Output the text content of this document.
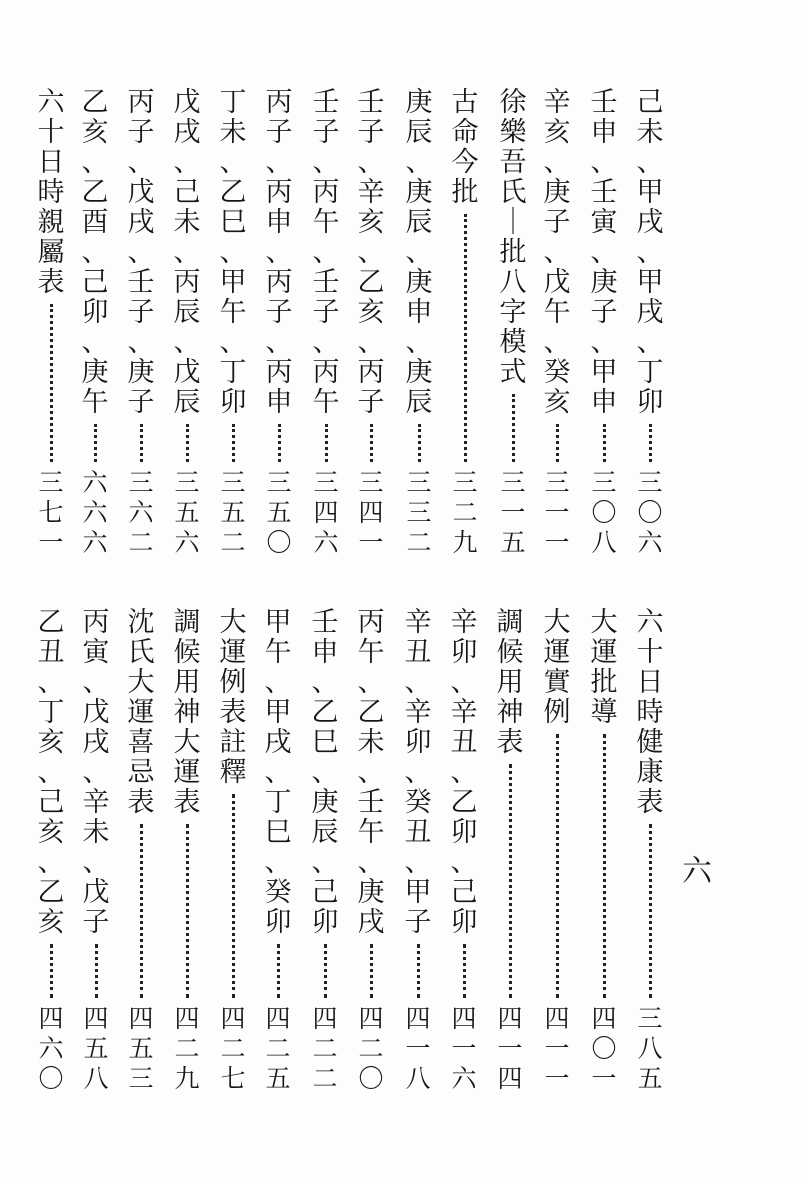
六
己
未
、
甲
戌
、
甲
戌
、
丁
卯
三
〇
六
壬
申
、
壬
寅
、
庚
子
、
甲
申
三
〇
八
辛
亥
、
庚
子
、
戊
午
、
癸
亥
三
一
一
徐
樂
吾
氏
｜
批
八
字
模
式
三
一
五
古
命
今
批
三
二
九
庚
辰
、
庚
辰
、
庚
申
、
庚
辰
三
三
二
壬
子
、
辛
亥
、
乙
亥
、
丙
子
三
四
一
壬
子
、
丙
午
、
壬
子
、
丙
午
三
四
六
丙
子
、
丙
申
、
丙
子
、
丙
申
三
五
〇
丁
未
、
乙
巳
、
甲
午
、
丁
卯
三
五
二
戊
戌
、
己
未
、
丙
辰
、
戊
辰
三
五
六
丙
子
、
戊
戌
、
壬
子
、
庚
子
三
六
二
乙
亥
、
乙
酉
、
己
卯
、
庚
午
六
六
六
六
十
日
時
親
屬
表
三
七
一
六
十
日
時
健
康
表
三
八
五
大
運
批
導
四
〇
一
大
運
實
例
四
一
一
調
候
用
神
表
四
一
四
辛
卯
、
辛
丑
、
乙
卯
、
己
卯
四
一
六
辛
丑
、
辛
卯
、
癸
丑
、
甲
子
四
一
八
丙
午
、
乙
未
、
壬
午
、
庚
戌
四
二
〇
壬
申
、
乙
巳
、
庚
辰
、
己
卯
四
二
二
甲
午
、
甲
戌
、
丁
巳
、
癸
卯
四
二
五
大
運
例
表
註
釋
四
二
七
調
候
用
神
大
運
表
四
二
九
沈
氏
大
運
喜
忌
表
四
五
三
丙
寅
、
戊
戌
、
辛
未
、
戊
子
四
五
八
乙
丑
、
丁
亥
、
己
亥
、
乙
亥
四
六
〇
